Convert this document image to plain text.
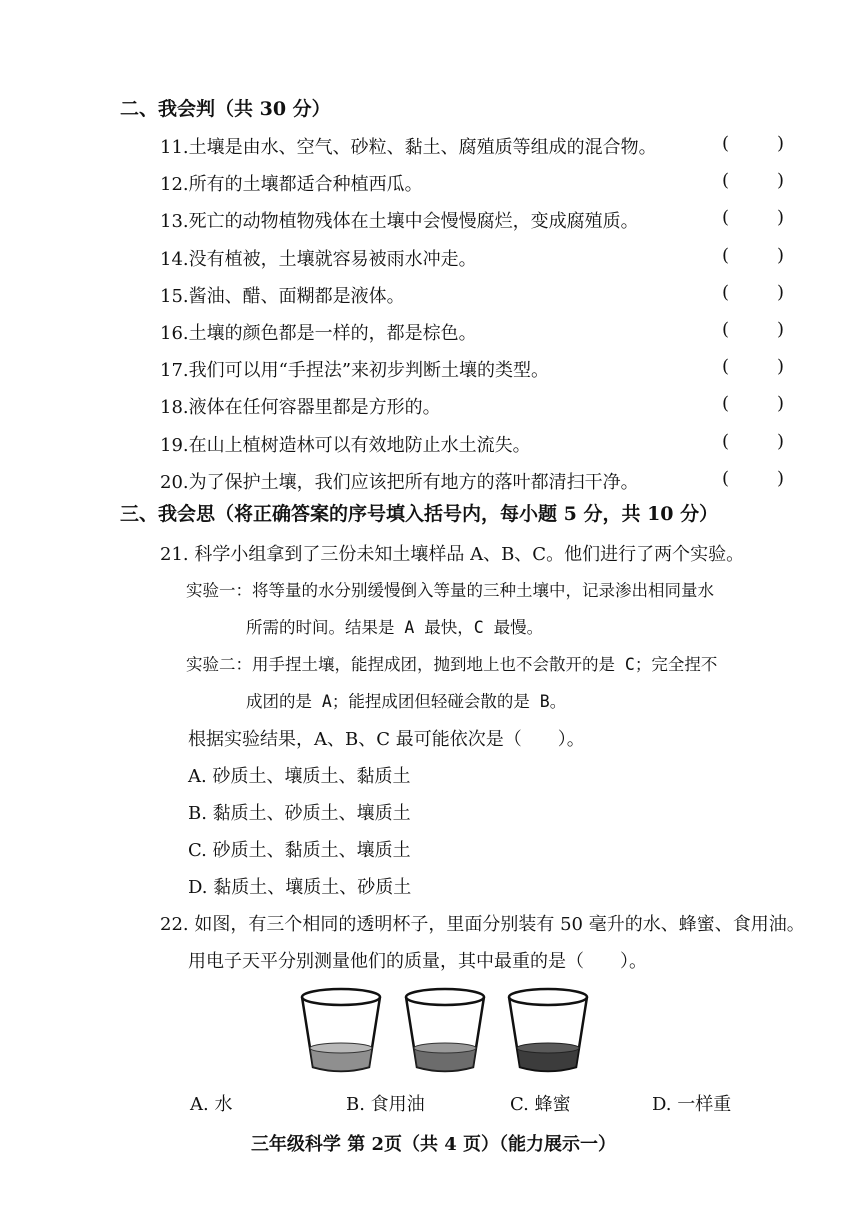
二、我会判（共 30 分）
11.土壤是由水、空气、砂粒、黏土、腐殖质等组成的混合物。	(	)
12.所有的土壤都适合种植西瓜。	(	)
13.死亡的动物植物残体在土壤中会慢慢腐烂，变成腐殖质。	(	)
14.没有植被，土壤就容易被雨水冲走。	(	)
15.酱油、醋、面糊都是液体。	(	)
16.土壤的颜色都是一样的，都是棕色。	(	)
17.我们可以用“手捏法”来初步判断土壤的类型。	(	)
18.液体在任何容器里都是方形的。	(	)
19.在山上植树造林可以有效地防止水土流失。	(	)
20.为了保护土壤，我们应该把所有地方的落叶都清扫干净。	(	)
三、我会思（将正确答案的序号填入括号内，每小题 5 分，共 10 分）
21. 科学小组拿到了三份未知土壤样品 A、B、C。他们进行了两个实验。
实验一：将等量的水分别缓慢倒入等量的三种土壤中，记录渗出相同量水
所需的时间。结果是 A 最快，C 最慢。
实验二：用手捏土壤，能捏成团，抛到地上也不会散开的是 C；完全捏不
成团的是 A；能捏成团但轻碰会散的是 B。
根据实验结果，A、B、C 最可能依次是（　　）。
A. 砂质土、壤质土、黏质土
B. 黏质土、砂质土、壤质土
C. 砂质土、黏质土、壤质土
D. 黏质土、壤质土、砂质土
22. 如图，有三个相同的透明杯子，里面分别装有 50 毫升的水、蜂蜜、食用油。
用电子天平分别测量他们的质量，其中最重的是（　　）。
A. 水	B. 食用油	C. 蜂蜜	D. 一样重
三年级科学 第 2页（共 4 页）（能力展示一）
